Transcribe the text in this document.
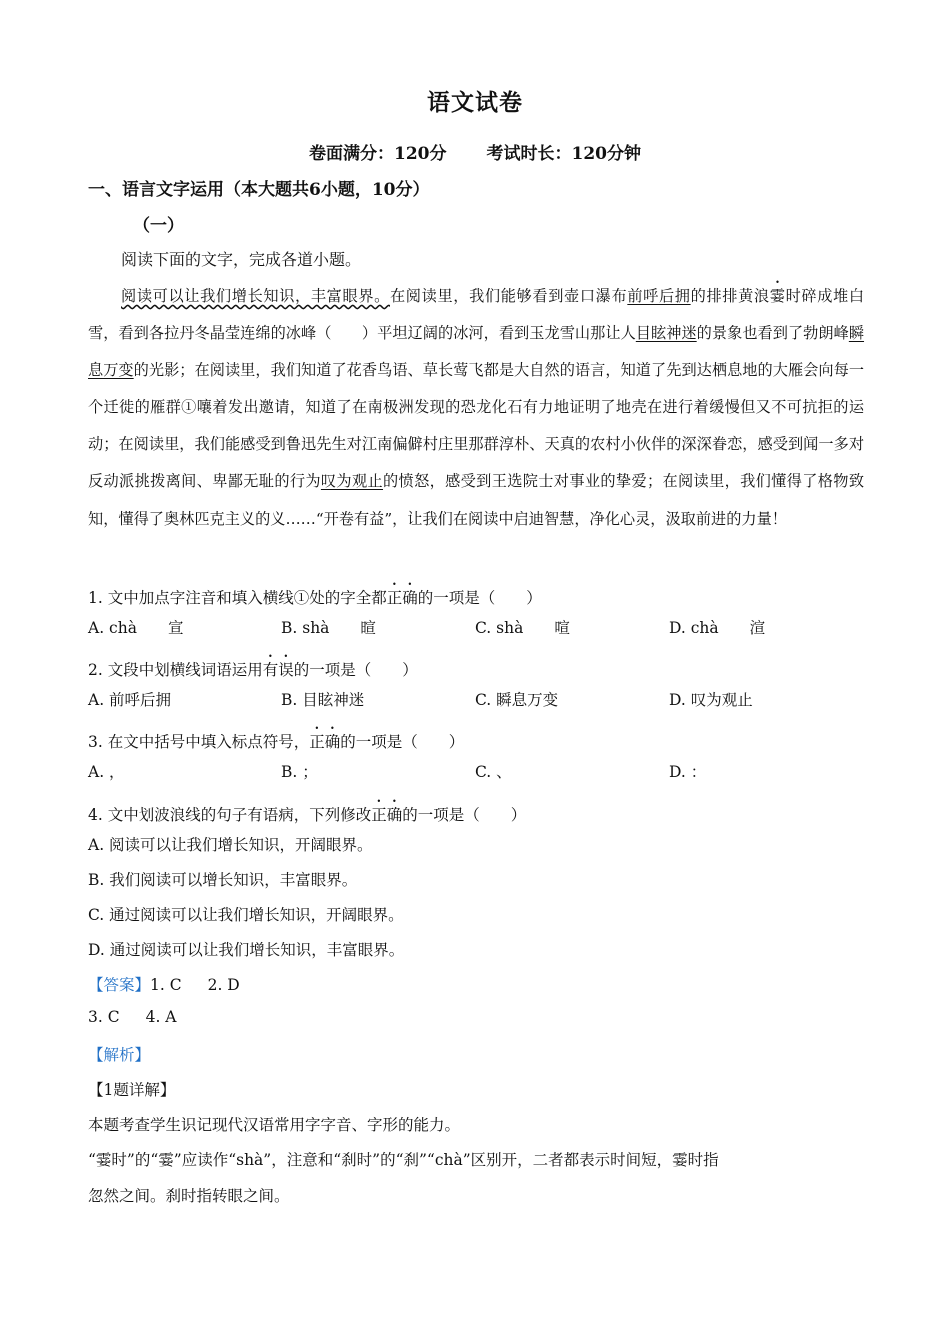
语文试卷
卷面满分：120分 考试时长：120分钟
一、语言文字运用（本大题共6小题，10分）
（一）
阅读下面的文字，完成各道小题。

阅读可以让我们增长知识，丰富眼界。在阅读里，我们能够看到壶口瀑布前呼后拥的排排黄浪霎时碎成堆白雪，看到各拉丹冬晶莹连绵的冰峰（　　）平坦辽阔的冰河，看到玉龙雪山那让人目眩神迷的景象也看到了勃朗峰瞬息万变的光影；在阅读里，我们知道了花香鸟语、草长莺飞都是大自然的语言，知道了先到达栖息地的大雁会向每一个迁徙的雁群①嚷着发出邀请，知道了在南极洲发现的恐龙化石有力地证明了地壳在进行着缓慢但又不可抗拒的运动；在阅读里，我们能感受到鲁迅先生对江南偏僻村庄里那群淳朴、天真的农村小伙伴的深深眷恋，感受到闻一多对反动派挑拨离间、卑鄙无耻的行为叹为观止的愤怒，感受到王选院士对事业的挚爱；在阅读里，我们懂得了格物致知，懂得了奥林匹克主义的义……“开卷有益”，让我们在阅读中启迪智慧，净化心灵，汲取前进的力量！

1. 文中加点字注音和填入横线①处的字全都正确的一项是（　　）
A. chà　　宣	B. shà　　暄	C. shà　　喧	D. chà　　渲
2. 文段中划横线词语运用有误的一项是（　　）
A. 前呼后拥	B. 目眩神迷	C. 瞬息万变	D. 叹为观止
3. 在文中括号中填入标点符号，正确的一项是（　　）
A. ，	B. ；	C. 、	D. ：
4. 文中划波浪线的句子有语病，下列修改正确的一项是（　　）
A. 阅读可以让我们增长知识，开阔眼界。
B. 我们阅读可以增长知识，丰富眼界。
C. 通过阅读可以让我们增长知识，开阔眼界。
D. 通过阅读可以让我们增长知识，丰富眼界。
【答案】1. C 2. D
3. C 4. A
【解析】
【1题详解】
本题考查学生识记现代汉语常用字字音、字形的能力。
“霎时”的“霎”应读作“shà”，注意和“刹时”的“刹”“chà”区别开，二者都表示时间短，霎时指
忽然之间。刹时指转眼之间。
